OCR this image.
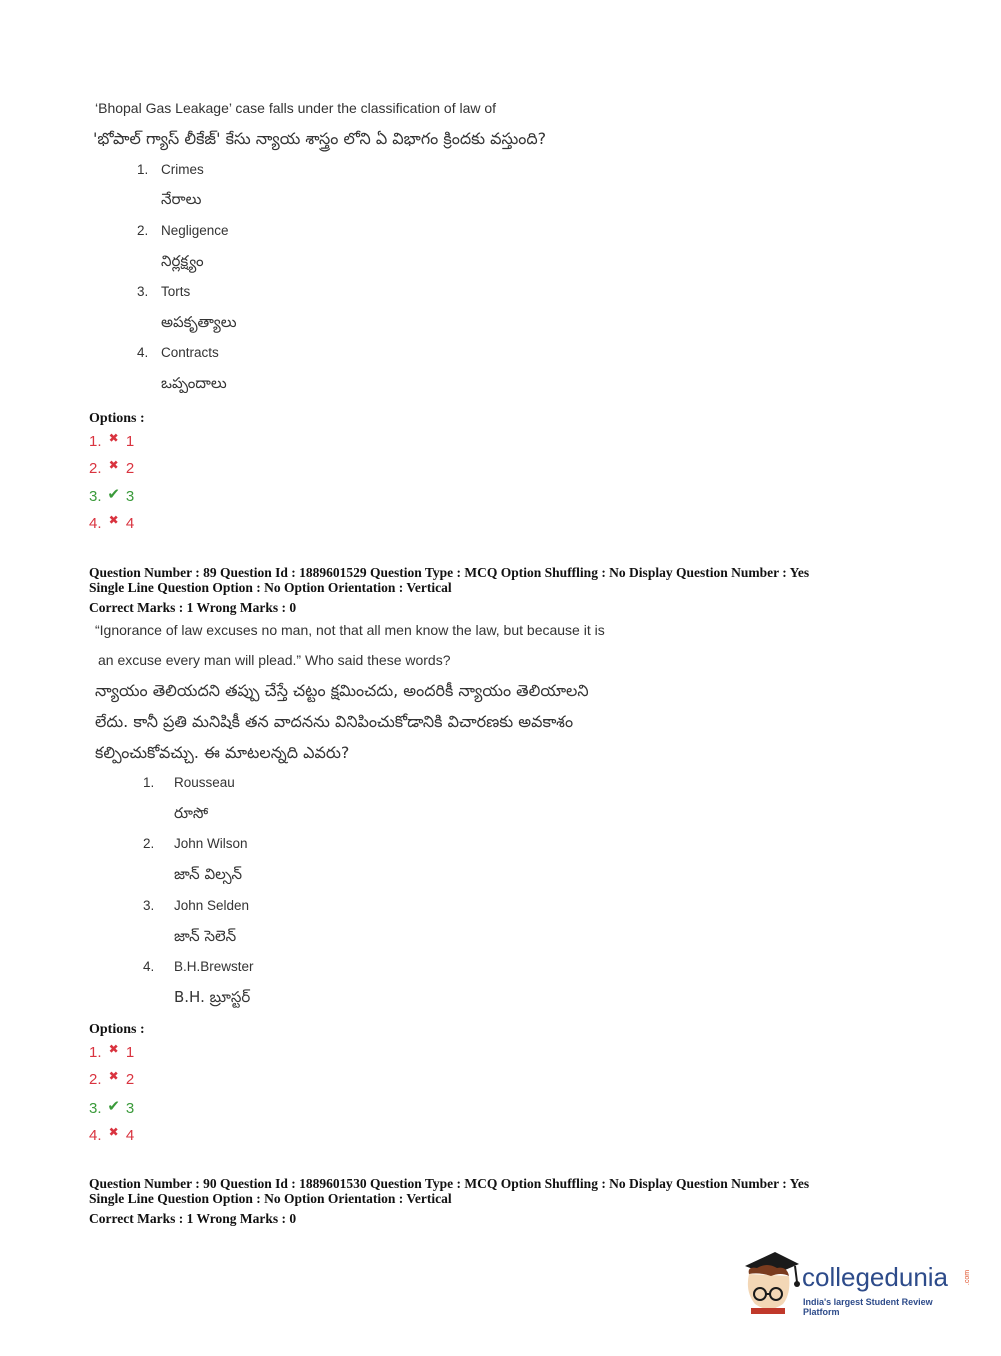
‘Bhopal Gas Leakage’ case falls under the classification of law of
'భోపాల్ గ్యాస్ లీకేజ్' కేసు న్యాయ శాస్త్రం లోని ఏ విభాగం క్రిందకు వస్తుంది?
1. Crimes
నేరాలు
2. Negligence
నిర్లక్ష్యం
3. Torts
అపకృత్యాలు
4. Contracts
ఒప్పందాలు
Options :
1. ✖ 1
2. ✖ 2
3. ✔ 3
4. ✖ 4
Question Number : 89 Question Id : 1889601529 Question Type : MCQ Option Shuffling : No Display Question Number : Yes
Single Line Question Option : No Option Orientation : Vertical
Correct Marks : 1 Wrong Marks : 0
“Ignorance of law excuses no man, not that all men know the law, but because it is
an excuse every man will plead.” Who said these words?
న్యాయం తెలియదని తప్పు చేస్తే చట్టం క్షమించదు, అందరికీ న్యాయం తెలియాలని
లేదు. కానీ ప్రతి మనిషికీ తన వాదనను వినిపించుకోడానికి విచారణకు అవకాశం
కల్పించుకోవచ్చు. ఈ మాటలన్నది ఎవరు?
1. Rousseau
రూసో
2. John Wilson
జాన్ విల్సన్
3. John Selden
జాన్ సెలెన్
4. B.H.Brewster
B.H. బ్రూస్టర్
Options :
1. ✖ 1
2. ✖ 2
3. ✔ 3
4. ✖ 4
Question Number : 90 Question Id : 1889601530 Question Type : MCQ Option Shuffling : No Display Question Number : Yes
Single Line Question Option : No Option Orientation : Vertical
Correct Marks : 1 Wrong Marks : 0
collegedunia .com
India's largest Student Review Platform
